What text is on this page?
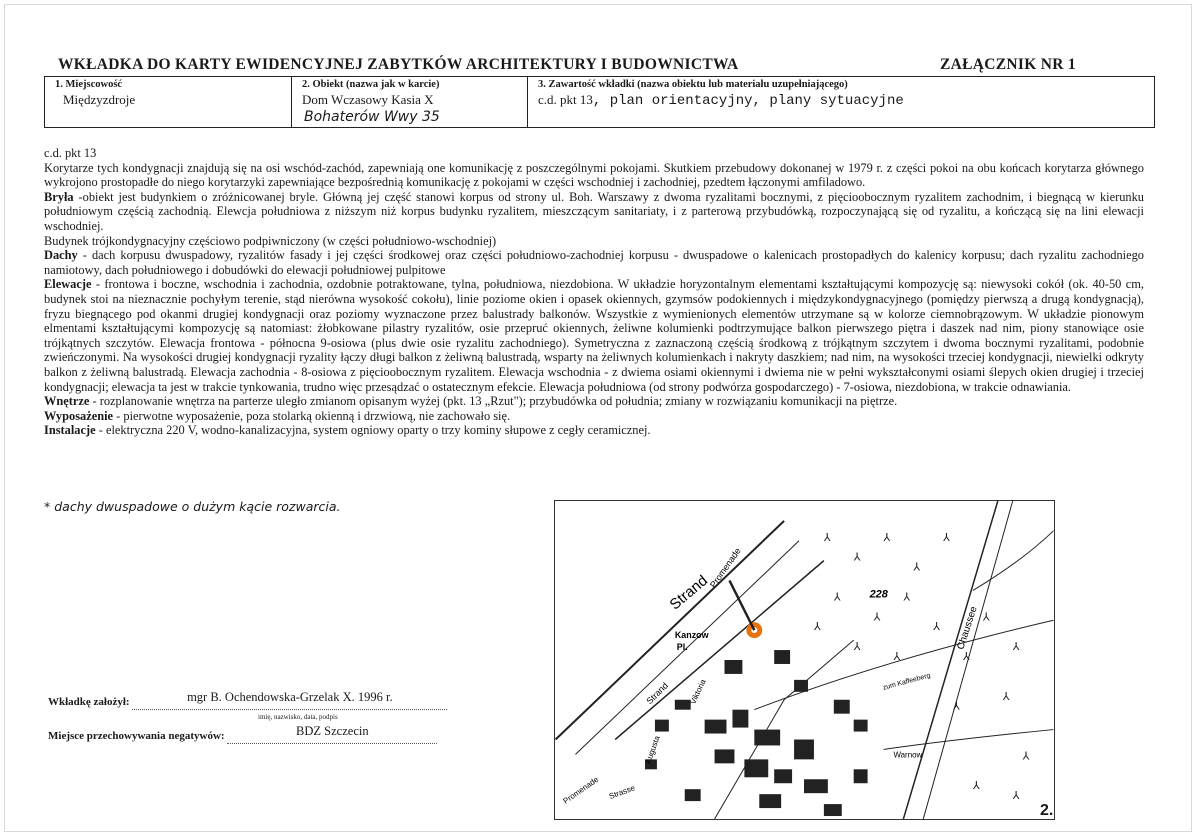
WKŁADKA DO KARTY EWIDENCYJNEJ ZABYTKÓW ARCHITEKTURY I BUDOWNICTWA	ZAŁĄCZNIK NR 1
1. Miejscowość
Międzyzdroje

2. Obiekt (nazwa jak w karcie)
Dom Wczasowy Kasia X
Bohaterów Wwy 35

3. Zawartość wkładki (nazwa obiektu lub materiału uzupełniającego)
c.d. pkt 13, plan orientacyjny, plany sytuacyjne

c.d. pkt 13

Korytarze tych kondygnacji znajdują się na osi wschód-zachód, zapewniają one komunikację z poszczególnymi pokojami. Skutkiem przebudowy dokonanej w 1979 r. z części pokoi na obu końcach korytarza głównego wykrojono prostopadłe do niego korytarzyki zapewniające bezpośrednią komunikację z pokojami w części wschodniej i zachodniej, pzedtem łączonymi amfiladowo.

Bryła -obiekt jest budynkiem o zróżnicowanej bryle. Główną jej część stanowi korpus od strony ul. Boh. Warszawy z dwoma ryzalitami bocznymi, z pięcioobocznym ryzalitem zachodnim, i biegnącą w kierunku południowym częścią zachodnią. Elewcja południowa z niższym niż korpus budynku ryzalitem, mieszczącym sanitariaty, i z parterową przybudówką, rozpoczynającą się od ryzalitu, a kończącą się na lini elewacji wschodniej.

Budynek trójkondygnacyjny częściowo podpiwniczony (w części południowo-wschodniej)

Dachy - dach korpusu dwuspadowy, ryzalitów fasady i jej części środkowej oraz części południowo-zachodniej korpusu - dwuspadowe o kalenicach prostopadłych do kalenicy korpusu; dach ryzalitu zachodniego namiotowy, dach południowego i dobudówki do elewacji południowej pulpitowe

Elewacje - frontowa i boczne, wschodnia i zachodnia, ozdobnie potraktowane, tylna, południowa, niezdobiona. W układzie horyzontalnym elementami kształtującymi kompozycję są: niewysoki cokół (ok. 40-50 cm, budynek stoi na nieznacznie pochyłym terenie, stąd nierówna wysokość cokołu), linie poziome okien i opasek okiennych, gzymsów podokiennych i międzykondygnacyjnego (pomiędzy pierwszą a drugą kondygnacją), fryzu biegnącego pod okanmi drugiej kondygnacji oraz poziomy wyznaczone przez balustrady balkonów. Wszystkie z wymienionych elementów utrzymane są w kolorze ciemnobrązowym. W układzie pionowym elmentami kształtującymi kompozycję są natomiast: żłobkowane pilastry ryzalitów, osie przepruć okiennych, żeliwne kolumienki podtrzymujące balkon pierwszego piętra i daszek nad nim, piony stanowiące osie trójkątnych szczytów. Elewacja frontowa - północna 9-osiowa (plus dwie osie ryzalitu zachodniego). Symetryczna z zaznaczoną częścią środkową z trójkątnym szczytem i dwoma bocznymi ryzalitami, podobnie zwieńczonymi. Na wysokości drugiej kondygnacji ryzality łączy długi balkon z żeliwną balustradą, wsparty na żeliwnych kolumienkach i nakryty daszkiem; nad nim, na wysokości trzeciej kondygnacji, niewielki odkryty balkon z żeliwną balustradą. Elewacja zachodnia - 8-osiowa z pięcioobocznym ryzalitem. Elewacja wschodnia - z dwiema osiami okiennymi i dwiema nie w pełni wykształconymi osiami ślepych okien drugiej i trzeciej kondygnacji; elewacja ta jest w trakcie tynkowania, trudno więc przesądzać o ostatecznym efekcie. Elewacja południowa (od strony podwórza gospodarczego) - 7-osiowa, niezdobiona, w trakcie odnawiania.

Wnętrze - rozplanowanie wnętrza na parterze uległo zmianom opisanym wyżej (pkt. 13 „Rzut"); przybudówka od południa; zmiany w rozwiązaniu komunikacji na piętrze.

Wyposażenie - pierwotne wyposażenie, poza stolarką okienną i drzwiową, nie zachowało się.

Instalacje - elektryczna 220 V, wodno-kanalizacyjna, system ogniowy oparty o trzy kominy słupowe z cegły ceramicznej.

* dachy dwuspadowe o dużym kącie rozwarcia.
Wkładkę założył:	mgr B. Ochendowska-Grzelak X. 1996 r.
imię, nazwisko, data, podpis
Miejsce przechowywania negatywów:	BDZ Szczecin
⅄
⅄
⅄
⅄
⅄
⅄
⅄
⅄
⅄
⅄
⅄
⅄
⅄
⅄
⅄
⅄
⅄
⅄
⅄
⅄
Strand
Promenade
Kanzow
Pl.
228
Chaussee
Strand Viktoria
Augusta	Warnow
zum Kaffeeberg
Promenade Strasse
2.
